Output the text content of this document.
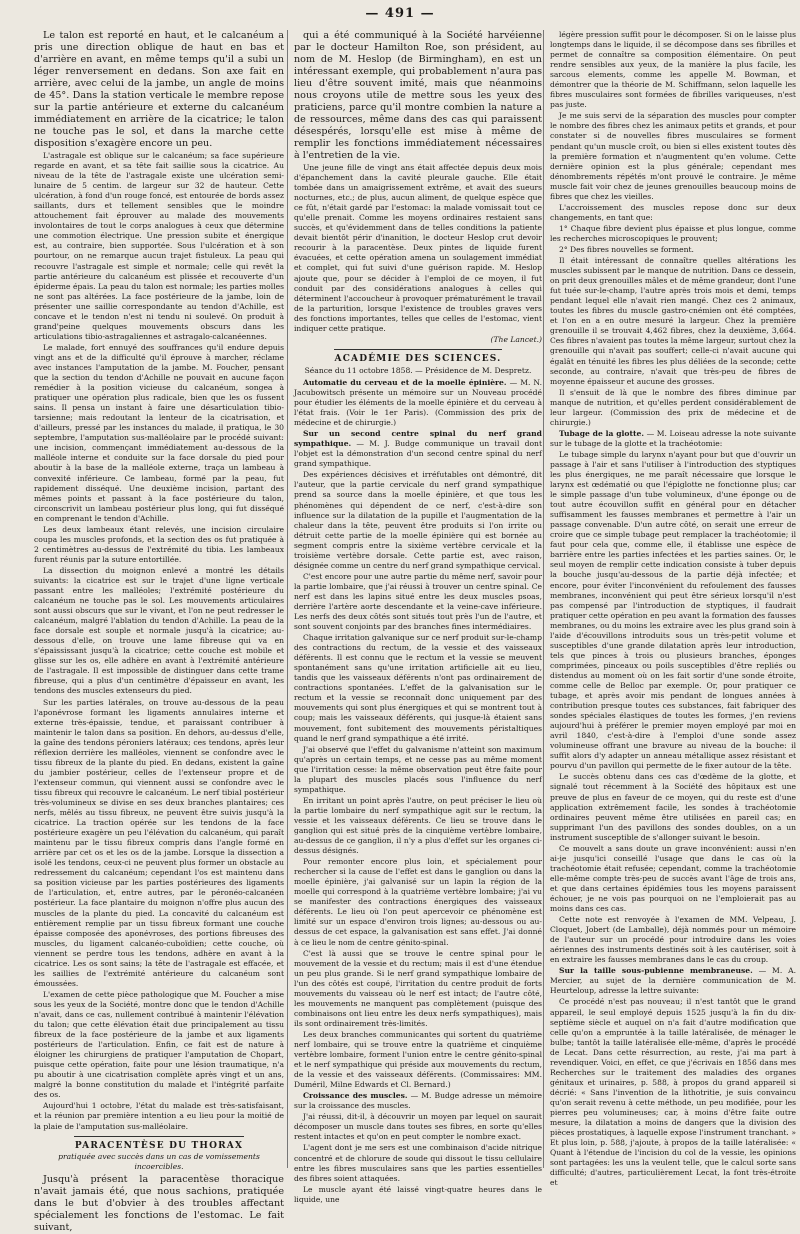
— 491 —

Le talon est reporté en haut, et le calcanéum a pris une direction oblique de haut en bas et d'arrière en avant, en même temps qu'il a subi un léger renversement en dedans. Son axe fait en arrière, avec celui de la jambe, un angle de moins de 45°. Dans la station verticale le membre repose sur la partie antérieure et externe du calcanéum immédiatement en arrière de la cicatrice; le talon ne touche pas le sol, et dans la marche cette disposition s'exagère encore un peu.

L'astragale est oblique sur le calcanéum; sa face supérieure regarde en avant, et sa tête fait saillie sous la cicatrice. Au niveau de la tête de l'astragale existe une ulcération semi-lunaire de 5 centim. de largeur sur 32 de hauteur. Cette ulcération, à fond d'un rouge foncé, est entourée de bords assez saillants, durs et tellement sensibles que le moindre attouchement fait éprouver au malade des mouvements involontaires de tout le corps analogues à ceux que détermine une commotion électrique. Une pression subite et énergique est, au contraire, bien supportée. Sous l'ulcération et à son pourtour, on ne remarque aucun trajet fistuleux. La peau qui recouvre l'astragale est simple et normale; celle qui revêt la partie antérieure du calcanéum est plissée et recouverte d'un épiderme épais. La peau du talon est normale; les parties molles ne sont pas altérées. La face postérieure de la jambe, loin de présenter une saillie correspondante au tendon d'Achille, est concave et le tendon n'est ni tendu ni soulevé. On produit à grand'peine quelques mouvements obscurs dans les articulations tibio-astragaliennes et astragalo-calcanéennes.

Le malade, fort ennuyé des souffrances qu'il endure depuis vingt ans et de la difficulté qu'il éprouve à marcher, réclame avec instances l'amputation de la jambe. M. Foucher, pensant que la section du tendon d'Achille ne pouvait en aucune façon remédier à la position vicieuse du calcanéum, songea à pratiquer une opération plus radicale, bien que les os fussent sains. Il pensa un instant à faire une désarticulation tibio-tarsienne; mais redoutant la lenteur de la cicatrisation, et d'ailleurs, pressé par les instances du malade, il pratiqua, le 30 septembre, l'amputation sus-malléolaire par le procédé suivant: une incision, commençant immédiatement au-dessous de la malléole interne et conduite sur la face dorsale du pied pour aboutir à la base de la malléole externe, traça un lambeau à convexité inférieure. Ce lambeau, formé par la peau, fut rapidement disséqué. Une deuxième incision, partant des mêmes points et passant à la face postérieure du talon, circonscrivit un lambeau postérieur plus long, qui fut disséqué en comprenant le tendon d'Achille.

Les deux lambeaux étant relevés, une incision circulaire coupa les muscles profonds, et la section des os fut pratiquée à 2 centimètres au-dessus de l'extrémité du tibia. Les lambeaux furent réunis par la suture entortillée.

La dissection du moignon enlevé a montré les détails suivants: la cicatrice est sur le trajet d'une ligne verticale passant entre les malléoles; l'extrémité postérieure du calcanéum ne touche pas le sol. Les mouvements articulaires sont aussi obscurs que sur le vivant, et l'on ne peut redresser le calcanéum, malgré l'ablation du tendon d'Achille. La peau de la face dorsale est souple et normale jusqu'à la cicatrice; au-dessous d'elle, on trouve une lame fibreuse qui va en s'épaississant jusqu'à la cicatrice; cette couche est mobile et glisse sur les os, elle adhère en avant à l'extrémité antérieure de l'astragale. Il est impossible de distinguer dans cette trame fibreuse, qui a plus d'un centimètre d'épaisseur en avant, les tendons des muscles extenseurs du pied.

Sur les parties latérales, on trouve au-dessous de la peau l'aponévrose formant les ligaments annulaires interne et externe très-épaissie, tendue, et paraissant contribuer à maintenir le talon dans sa position. En dehors, au-dessus d'elle, la gaîne des tendons péroniers latéraux; ces tendons, après leur réflexion derrière les malléoles, viennent se confondre avec le tissu fibreux de la plante du pied. En dedans, existent la gaîne du jambier postérieur, celles de l'extenseur propre et de l'extenseur commun, qui viennent aussi se confondre avec le tissu fibreux qui recouvre le calcanéum. Le nerf tibial postérieur très-volumineux se divise en ses deux branches plantaires; ces nerfs, mêlés au tissu fibreux, ne peuvent être suivis jusqu'à la cicatrice. La traction opérée sur les tendons de la face postérieure exagère un peu l'élévation du calcanéum, qui paraît maintenu par le tissu fibreux compris dans l'angle formé en arrière par cet os et les os de la jambe. Lorsque la dissection a isolé les tendons, ceux-ci ne peuvent plus former un obstacle au redressement du calcanéum; cependant l'os est maintenu dans sa position vicieuse par les parties postérieures des ligaments de l'articulation, et, entre autres, par le péronéo-calcanéen postérieur. La face plantaire du moignon n'offre plus aucun des muscles de la plante du pied. La concavité du calcanéum est entièrement remplie par un tissu fibreux formant une couche épaisse composée des aponévroses, des portions fibreuses des muscles, du ligament calcanéo-cuboïdien; cette couche, où viennent se perdre tous les tendons, adhère en avant à la cicatrice. Les os sont sains; la tête de l'astragale est effacée, et les saillies de l'extrémité antérieure du calcanéum sont émoussées.

L'examen de cette pièce pathologique que M. Foucher a mise sous les yeux de la Société, montre donc que le tendon d'Achille n'avait, dans ce cas, nullement contribué à maintenir l'élévation du talon; que cette élévation était due principalement au tissu fibreux de la face postérieure de la jambe et aux ligaments postérieurs de l'articulation. Enfin, ce fait est de nature à éloigner les chirurgiens de pratiquer l'amputation de Chopart, puisque cette opération, faite pour une lésion traumatique, n'a pu aboutir à une cicatrisation complète après vingt et un ans, malgré la bonne constitution du malade et l'intégrité parfaite des os.

Aujourd'hui 1 octobre, l'état du malade est très-satisfaisant, et la réunion par première intention a eu lieu pour la moitié de la plaie de l'amputation sus-malléolaire.

PARACENTÈSE DU THORAX
pratiquée avec succès dans un cas de vomissements incoercibles.

Jusqu'à présent la paracentèse thoracique n'avait jamais été, que nous sachions, pratiquée dans le but d'obvier à des troubles affectant spécialement les fonctions de l'estomac. Le fait suivant,

qui a été communiqué à la Société harvéienne par le docteur Hamilton Roe, son président, au nom de M. Heslop (de Birmingham), en est un intéressant exemple, qui probablement n'aura pas lieu d'être souvent imité, mais que néanmoins nous croyons utile de mettre sous les yeux des praticiens, parce qu'il montre combien la nature a de ressources, même dans des cas qui paraissent désespérés, lorsqu'elle est mise à même de remplir les fonctions immédiatement nécessaires à l'entretien de la vie.

Une jeune fille de vingt ans était affectée depuis deux mois d'épanchement dans la cavité pleurale gauche. Elle était tombée dans un amaigrissement extrême, et avait des sueurs nocturnes, etc.; de plus, aucun aliment, de quelque espèce que ce fût, n'était gardé par l'estomac: la malade vomissait tout ce qu'elle prenait. Comme les moyens ordinaires restaient sans succès, et qu'évidemment dans de telles conditions la patiente devait bientôt périr d'inanition, le docteur Heslop crut devoir recourir à la paracentèse. Deux pintes de liquide furent évacuées, et cette opération amena un soulagement immédiat et complet, qui fut suivi d'une guérison rapide. M. Heslop ajoute que, pour se décider à l'emploi de ce moyen, il fut conduit par des considérations analogues à celles qui déterminent l'accoucheur à provoquer prématurément le travail de la parturition, lorsque l'existence de troubles graves vers des fonctions importantes, telles que celles de l'estomac, vient indiquer cette pratique.

(The Lancet.)
ACADÉMIE DES SCIENCES.
Séance du 11 octobre 1858. — Présidence de M. Despretz.

Automatie du cerveau et de la moelle épinière. — M. N. Jacubowitsch présente un mémoire sur un Nouveau procédé pour étudier les éléments de la moelle épinière et du cerveau à l'état frais. (Voir le 1er Paris). (Commission des prix de médecine et de chirurgie.)

Sur un second centre spinal du nerf grand sympathique. — M. J. Budge communique un travail dont l'objet est la démonstration d'un second centre spinal du nerf grand sympathique.

Des expériences décisives et irréfutables ont démontré, dit l'auteur, que la partie cervicale du nerf grand sympathique prend sa source dans la moelle épinière, et que tous les phénomènes qui dépendent de ce nerf, c'est-à-dire son influence sur la dilatation de la pupille et l'augmentation de la chaleur dans la tête, peuvent être produits si l'on irrite ou détruit cette partie de la moelle épinière qui est bornée au segment compris entre la sixième vertèbre cervicale et la troisième vertèbre dorsale. Cette partie est, avec raison, désignée comme un centre du nerf grand sympathique cervical.

C'est encore pour une autre partie du même nerf, savoir pour la partie lombaire, que j'ai réussi à trouver un centre spinal. Ce nerf est dans les lapins situé entre les deux muscles psoas, derrière l'artère aorte descendante et la veine-cave inférieure. Les nerfs des deux côtés sont situés tout près l'un de l'autre, et sont souvent conjoints par des branches fines intermédiaires.

Chaque irritation galvanique sur ce nerf produit sur-le-champ des contractions du rectum, de la vessie et des vaisseaux déférents. Il est connu que le rectum et la vessie se meuvent spontanément sans qu'une irritation artificielle ait eu lieu, tandis que les vaisseaux déférents n'ont pas ordinairement de contractions spontanées. L'effet de la galvanisation sur le rectum et la vessie se reconnaît donc uniquement par des mouvements qui sont plus énergiques et qui se montrent tout à coup; mais les vaisseaux déférents, qui jusque-là étaient sans mouvement, font subitement des mouvements péristaltiques quand le nerf grand sympathique a été irrité.

J'ai observé que l'effet du galvanisme n'atteint son maximum qu'après un certain temps, et ne cesse pas au même moment que l'irritation cesse: la même observation peut être faite pour la plupart des muscles placés sous l'influence du nerf sympathique.

En irritant un point après l'autre, on peut préciser le lieu où la partie lombaire du nerf sympathique agit sur le rectum, la vessie et les vaisseaux déférents. Ce lieu se trouve dans le ganglion qui est situé près de la cinquième vertèbre lombaire, au-dessus de ce ganglion, il n'y a plus d'effet sur les organes ci-dessus désignés.

Pour remonter encore plus loin, et spécialement pour rechercher si la cause de l'effet est dans le ganglion ou dans la moelle épinière, j'ai galvanisé sur un lapin la région de la moelle qui correspond à la quatrième vertèbre lombaire; j'ai vu se manifester des contractions énergiques des vaisseaux déférents. Le lieu où l'on peut apercevoir ce phénomène est limité sur un espace d'environ trois lignes; au-dessous ou au-dessus de cet espace, la galvanisation est sans effet. J'ai donné à ce lieu le nom de centre génito-spinal.

C'est là aussi que se trouve le centre spinal pour le mouvement de la vessie et du rectum; mais il est d'une étendue un peu plus grande. Si le nerf grand sympathique lombaire de l'un des côtés est coupé, l'irritation du centre produit de forts mouvements du vaisseau où le nerf est intact; de l'autre côté, les mouvements ne manquent pas complètement (puisque des combinaisons ont lieu entre les deux nerfs sympathiques), mais ils sont ordinairement très-limités.

Les deux branches communicantes qui sortent du quatrième nerf lombaire, qui se trouve entre la quatrième et cinquième vertèbre lombaire, forment l'union entre le centre génito-spinal et le nerf sympathique qui préside aux mouvements du rectum, de la vessie et des vaisseaux déférents. (Commissaires: MM. Duméril, Milne Edwards et Cl. Bernard.)

Croissance des muscles. — M. Budge adresse un mémoire sur la croissance des muscles.

J'ai réussi, dit-il, à découvrir un moyen par lequel on saurait décomposer un muscle dans toutes ses fibres, en sorte qu'elles restent intactes et qu'on en peut compter le nombre exact.

L'agent dont je me sers est une combinaison d'acide nitrique concentré et de chlorure de soude qui dissout le tissu cellulaire entre les fibres musculaires sans que les parties essentielles des fibres soient attaquées.

Le muscle ayant été laissé vingt-quatre heures dans le liquide, une

légère pression suffit pour le décomposer. Si on le laisse plus longtemps dans le liquide, il se décompose dans ses fibrilles et permet de connaître sa composition élémentaire. On peut rendre sensibles aux yeux, de la manière la plus facile, les sarcous elements, comme les appelle M. Bowman, et démontrer que la théorie de M. Schiffmann, selon laquelle les fibres musculaires sont formées de fibrilles variqueuses, n'est pas juste.

Je me suis servi de la séparation des muscles pour compter le nombre des fibres chez les animaux petits et grands, et pour constater si de nouvelles fibres musculaires se forment pendant qu'un muscle croît, ou bien si elles existent toutes dès la première formation et n'augmentent qu'en volume. Cette dernière opinion est la plus générale; cependant mes dénombrements répétés m'ont prouvé le contraire. Je même muscle fait voir chez de jeunes grenouilles beaucoup moins de fibres que chez les vieilles.

L'accroissement des muscles repose donc sur deux changements, en tant que:

1° Chaque fibre devient plus épaisse et plus longue, comme les recherches microscopiques le prouvent;

2° Des fibres nouvelles se forment.

Il était intéressant de connaître quelles altérations les muscles subissent par le manque de nutrition. Dans ce dessein, on prit deux grenouilles mâles et de même grandeur, dont l'une fut tuée sur-le-champ, l'autre après trois mois et demi, temps pendant lequel elle n'avait rien mangé. Chez ces 2 animaux, toutes les fibres du muscle gastro-cnémien ont été comptées, et l'on en a en outre mesuré la largeur. Chez la première grenouille il se trouvait 4,462 fibres, chez la deuxième, 3,664. Ces fibres n'avaient pas toutes la même largeur, surtout chez la grenouille qui n'avait pas souffert; celle-ci n'avait aucune qui égalât en ténuité les fibres les plus déliées de la seconde; cette seconde, au contraire, n'avait que très-peu de fibres de moyenne épaisseur et aucune des grosses.

Il s'ensuit de là que le nombre des fibres diminue par manque de nutrition, et qu'elles perdent considérablement de leur largeur. (Commission des prix de médecine et de chirurgie.)

Tubage de la glotte. — M. Loiseau adresse la note suivante sur le tubage de la glotte et la trachéotomie:

Le tubage simple du larynx n'ayant pour but que d'ouvrir un passage à l'air et sans l'utiliser à l'introduction des styptiques les plus énergiques, ne me paraît nécessaire que lorsque le larynx est œdématié ou que l'épiglotte ne fonctionne plus; car le simple passage d'un tube volumineux, d'une éponge ou de tout autre écouvillon suffit en général pour en détacher suffisamment les fausses membranes et permettre à l'air un passage convenable. D'un autre côté, on serait une erreur de croire que ce simple tubage peut remplacer la trachéotomie; il faut pour cela que, comme elle, il établisse une espèce de barrière entre les parties infectées et les parties saines. Or, le seul moyen de remplir cette indication consiste à tuber depuis la bouche jusqu'au-dessous de la partie déjà infectée; et encore, pour éviter l'inconvénient du refoulement des fausses membranes, inconvénient qui peut être sérieux lorsqu'il n'est pas compensé par l'introduction de styptiques, il faudrait pratiquer cette opération en peu avant la formation des fausses membranes, ou du moins les extraire avec les plus grand soin à l'aide d'écouvillons introduits sous un très-petit volume et susceptibles d'une grande dilatation après leur introduction, tels que pinces à trois ou plusieurs branches, éponges comprimées, pinceaux ou poils susceptibles d'être repliés ou distendus au moment où on les fait sortir d'une sonde étroite, comme celle de Belloc par exemple. Or, pour pratiquer ce tubage, et après avoir mis pendant de longues années à contribution presque toutes ces substances, fait fabriquer des sondes spéciales élastiques de toutes les formes, j'en reviens aujourd'hui à préférer le premier moyen employé par moi en avril 1840, c'est-à-dire à l'emploi d'une sonde assez volumineuse offrant une bravure au niveau de la bouche: il suffit alors d'y adapter un anneau métallique assez résistant et pourvu d'un pavillon qui permette de le fixer autour de la tête.

Le succès obtenu dans ces cas d'œdème de la glotte, et signalé tout récemment à la Société des hôpitaux est une preuve de plus en faveur de ce moyen, qui du reste est d'une application extrêmement facile, les sondes à trachéotomie ordinaires peuvent même être utilisées en pareil cas; en supprimant l'un des pavillons des sondes doubles, on a un instrument susceptible de s'allonger suivant le besoin.

Ce mouvelt a sans doute un grave inconvénient: aussi n'en ai-je jusqu'ici conseillé l'usage que dans le cas où la trachéotomie était refusée; cependant, comme la trachéotomie elle-même compte très-peu de succès avant l'âge de trois ans, et que dans certaines épidémies tous les moyens paraissent échouer, je ne vois pas pourquoi on ne l'emploierait pas au moins dans ces cas.

Cette note est renvoyée à l'examen de MM. Velpeau, J. Cloquet, Jobert (de Lamballe), déjà nommés pour un mémoire de l'auteur sur un procédé pour introduire dans les voies aériennes des instruments destinés soit à les cautériser, soit à en extraire les fausses membranes dans le cas du croup.

Sur la taille sous-pubienne membraneuse. — M. A. Mercier, au sujet de la dernière communication de M. Heurteloup, adresse la lettre suivante:

Ce procédé n'est pas nouveau; il n'est tantôt que le grand appareil, le seul employé depuis 1525 jusqu'à la fin du dix-septième siècle et auquel on n'a fait d'autre modification que celle qu'on a empruntée à la taille latéralisée, de ménager le bulbe; tantôt la taille latéralisée elle-même, d'après le procédé de Lecat. Dans cette résurrection, au reste, j'ai ma part à revendiquer. Voici, en effet, ce que j'écrivais en 1856 dans mes Recherches sur le traitement des maladies des organes génitaux et urinaires, p. 588, à propos du grand appareil si décrié: « Sans l'invention de la lithotritie, je suis convaincu qu'on serait revenu à cette méthode, un peu modifiée, pour les pierres peu volumineuses; car, à moins d'être faite outre mesure, la dilatation a moins de dangers que la division des pièces prostatiques, à laquelle expose l'instrument tranchant. » Et plus loin, p. 588, j'ajoute, à propos de la taille latéralisée: « Quant à l'étendue de l'incision du col de la vessie, les opinions sont partagées: les uns la veulent telle, que le calcul sorte sans difficulté; d'autres, particulièrement Lecat, la font très-étroite et
